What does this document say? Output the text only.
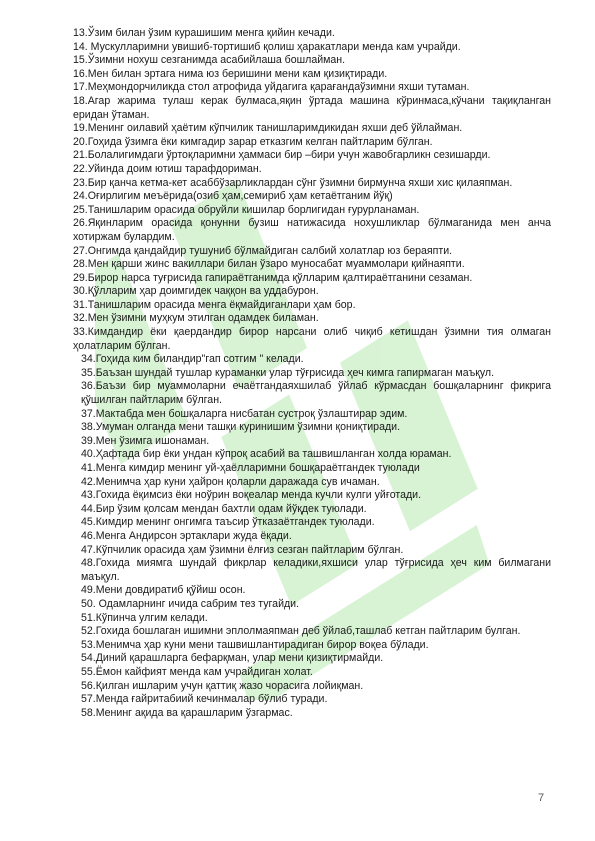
13.Ўзим билан ўзим курашишим менга қийин кечади.
14. Мускулларимни увишиб-тортишиб қолиш ҳаракатлари менда кам учрайди.
15.Ўзимни нохуш сезганимда асабийлаша бошлайман.
16.Мен билан эртага нима юз беришини мени кам қизиқтиради.
17.Меҳмондорчиликда стол атрофида уйдагига қарағандаўзимни яхши тутаман.
18.Агар жарима тулаш керак булмаса,яқин ўртада машина кўринмаса,кўчани тақиқланган еридан ўтаман.
19.Менинг оилавий ҳаётим кўпчилик танишларимдикидан яхши деб ўйлайман.
20.Гоҳида ўзимга ёки кимгадир зарар етказгим келган пайтларим бўлган.
21.Болалигимдаги ўртоқларимни ҳаммаси бир –бири учун жавобгарликн сезишарди.
22.Уйинда доим ютиш тарафдориман.
23.Бир қанча кетма-кет асаббўзарликлардан сўнг ўзимни бирмунча яхши хис қилаяпман.
24.Оғирлигим меъёрида(озиб ҳам,семириб ҳам кетаётганим йўқ)
25.Танишларим орасида обруйли кишилар борлигидан ғурурланаман.
26.Яқинларим орасида қонунни бузиш натижасида нохушликлар бўлмаганида мен анча хотиржам булардим.
27.Онгимда қандайдир тушуниб бўлмайдиган салбий холатлар юз бераяпти.
28.Мен қарши жинс вакиллари билан ўзаро муносабат муаммолари қийнаяпти.
29.Бирор нарса туғрисида гапираётганимда қўлларим қалтираётганини сезаман.
30.Қўлларим ҳар доимгидек чаққон ва уддабурон.
31.Танишларим орасида менга ёқмайдиганлари ҳам бор.
32.Мен ўзимни муҳкум этилган одамдек биламан.
33.Кимдандир ёки қаердандир бирор нарсани олиб чиқиб кетишдан ўзимни тия олмаган ҳолатларим бўлган.
34.Гоҳида ким биландир"гап сотгим " келади.
35.Баъзан шундай тушлар кураманки улар тўғрисида ҳеч кимга гапирмаган маъқул.
36.Баъзи бир муаммоларни ечаётгандаяхшилаб ўйлаб кўрмасдан бошқаларнинг фикрига қўшилган пайтларим бўлган.
37.Мактабда мен бошқаларга нисбатан сустроқ ўзлаштирар эдим.
38.Умуман олганда мени ташқи куринишим ўзимни қониқтиради.
39.Мен ўзимга ишонаман.
40.Ҳафтада бир ёки ундан кўпроқ асабий ва ташвишланган холда юраман.
41.Менга кимдир менинг уй-ҳаёлларимни бошқараётгандек туюлади
42.Менимча ҳар куни ҳайрон қоларли даражада сув ичаман.
43.Гохида ёқимсиз ёки ноўрин воқеалар менда кучли кулги уйғотади.
44.Бир ўзим қолсам мендан бахтли одам йўқдек туюлади.
45.Кимдир менинг онгимга таъсир ўтказаётгандек туюлади.
46.Менга Андирсон эртаклари жуда ёқади.
47.Кўпчилик орасида ҳам ўзимни ёлғиз сезган пайтларим бўлган.
48.Гохида миямга шундай фикрлар келадики,яхшиси улар тўғрисида ҳеч ким билмагани маъқул.
49.Мени довдиратиб қўйиш осон.
50. Одамларнинг ичида сабрим тез тугайди.
51.Кўпинча улгим келади.
52.Гохида бошлаган ишимни эплолмаяпман деб ўйлаб,ташлаб кетган пайтларим булган.
53.Менимча ҳар куни мени ташвишлантирадиган бирор воқеа бўлади.
54.Диний қарашларга бефарқман, улар мени қизиқтирмайди.
55.Ёмон кайфият менда кам учрайдиган холат.
56.Қилган ишларим учун қаттиқ жазо чорасига лойиқман.
57.Менда ғайритабиий кечинмалар бўлиб туради.
58.Менинг ақида ва қарашларим ўзгармас.
7
